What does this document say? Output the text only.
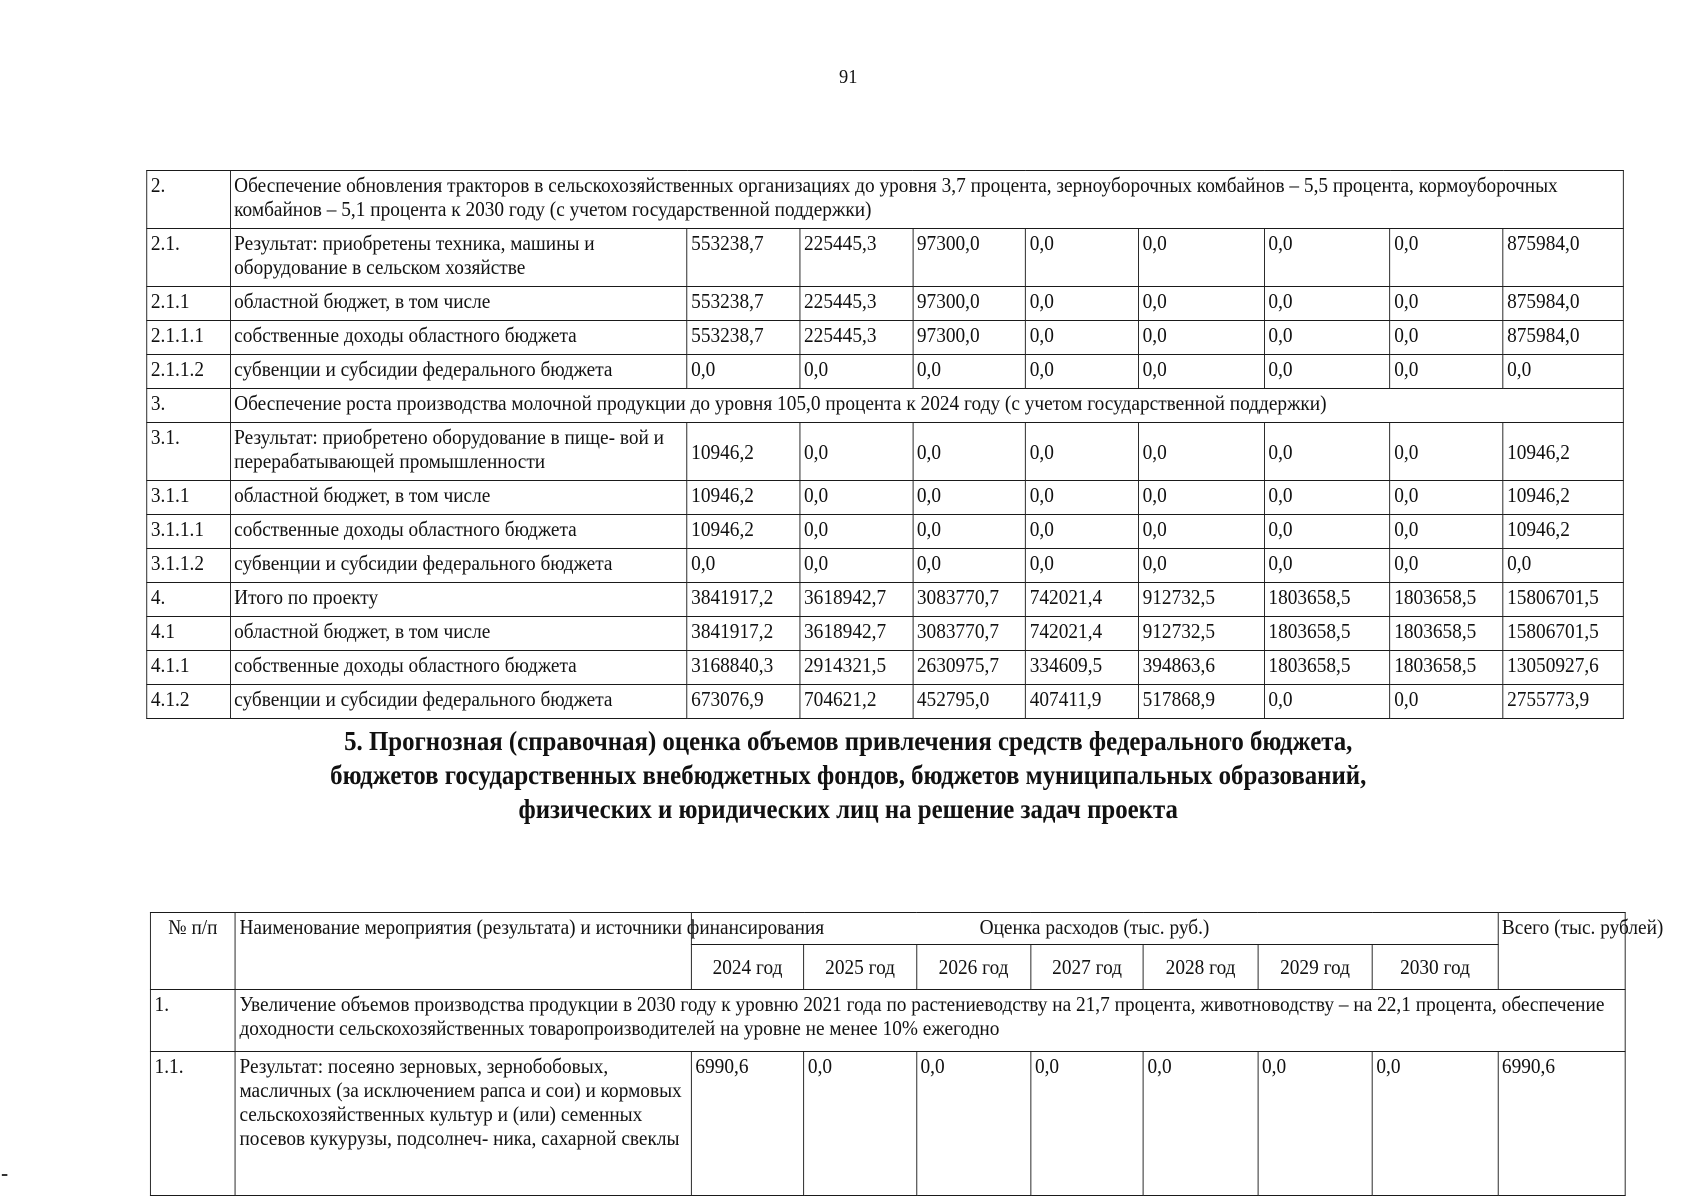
91
2.	Обеспечение обновления тракторов в сельскохозяйственных организациях до уровня 3,7 процента, зерноуборочных комбайнов – 5,5 процента, кормоуборочных комбайнов – 5,1 процента к 2030 году (с учетом государственной поддержки)								
2.1.	Результат: приобретены техника, машины и оборудование в сельском хозяйстве	553238,7	225445,3	97300,0	0,0	0,0	0,0	0,0	875984,0
2.1.1	областной бюджет, в том числе	553238,7	225445,3	97300,0	0,0	0,0	0,0	0,0	875984,0
2.1.1.1	собственные доходы областного бюджета	553238,7	225445,3	97300,0	0,0	0,0	0,0	0,0	875984,0
2.1.1.2	субвенции и субсидии федерального бюджета	0,0	0,0	0,0	0,0	0,0	0,0	0,0	0,0
3.	Обеспечение роста производства молочной продукции до уровня 105,0 процента к 2024 году (с учетом государственной поддержки)								
3.1.	Результат: приобретено оборудование в пище- вой и перерабатывающей промышленности	10946,2	0,0	0,0	0,0	0,0	0,0	0,0	10946,2
3.1.1	областной бюджет, в том числе	10946,2	0,0	0,0	0,0	0,0	0,0	0,0	10946,2
3.1.1.1	собственные доходы областного бюджета	10946,2	0,0	0,0	0,0	0,0	0,0	0,0	10946,2
3.1.1.2	субвенции и субсидии федерального бюджета	0,0	0,0	0,0	0,0	0,0	0,0	0,0	0,0
4.	Итого по проекту	3841917,2	3618942,7	3083770,7	742021,4	912732,5	1803658,5	1803658,5	15806701,5
4.1	областной бюджет, в том числе	3841917,2	3618942,7	3083770,7	742021,4	912732,5	1803658,5	1803658,5	15806701,5
4.1.1	собственные доходы областного бюджета	3168840,3	2914321,5	2630975,7	334609,5	394863,6	1803658,5	1803658,5	13050927,6
4.1.2	субвенции и субсидии федерального бюджета	673076,9	704621,2	452795,0	407411,9	517868,9	0,0	0,0	2755773,9
5. Прогнозная (справочная) оценка объемов привлечения средств федерального бюджета,
бюджетов государственных внебюджетных фондов, бюджетов муниципальных образований,
физических и юридических лиц на решение задач проекта
№ п/п	Наименование мероприятия (результата) и источники финансирования	Оценка расходов (тыс. руб.)							Всего (тыс. рублей)
		2024 год	2025 год	2026 год	2027 год	2028 год	2029 год	2030 год	
1.	Увеличение объемов производства продукции в 2030 году к уровню 2021 года по растениеводству на 21,7 процента, животноводству – на 22,1 процента, обеспечение доходности сельскохозяйственных товаропроизводителей на уровне не менее 10% ежегодно								
1.1.	Результат: посеяно зерновых, зернобобовых, масличных (за исключением рапса и сои) и кормовых сельскохозяйственных культур и (или) семенных посевов кукурузы, подсолнеч- ника, сахарной свеклы	6990,6	0,0	0,0	0,0	0,0	0,0	0,0	6990,6
